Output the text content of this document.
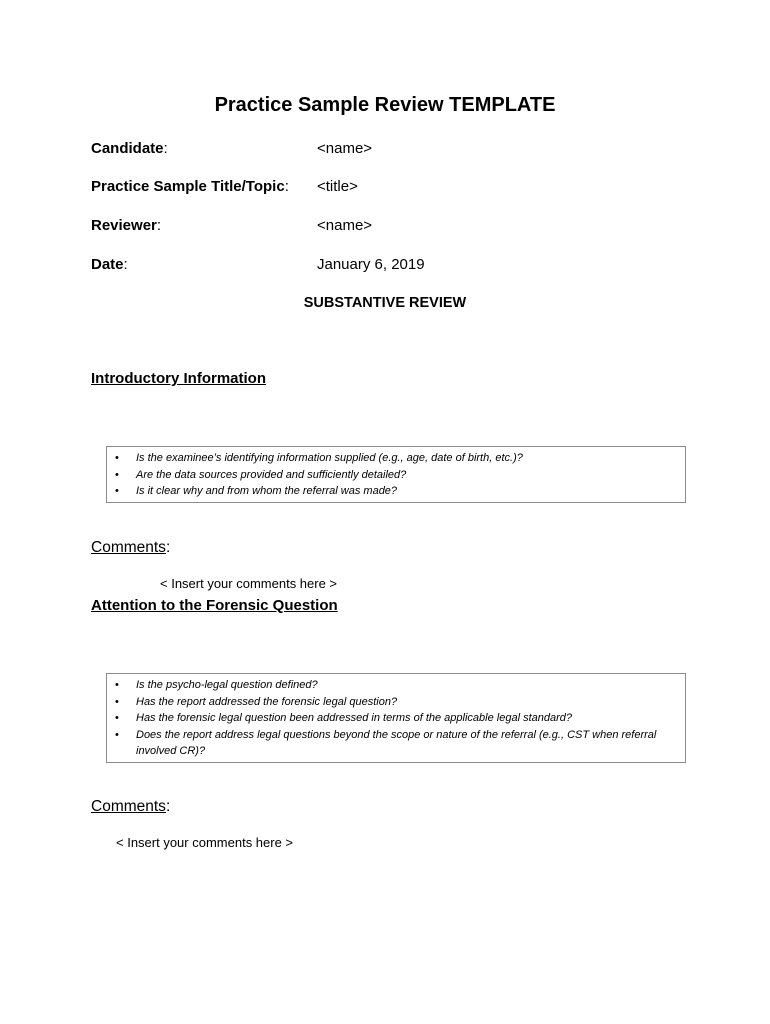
Practice Sample Review TEMPLATE
Candidate:	<name>
Practice Sample Title/Topic: <title>
Reviewer:	<name>
Date:	January 6, 2019
SUBSTANTIVE REVIEW
Introductory Information
• Is the examinee’s identifying information supplied (e.g., age, date of birth, etc.)?
• Are the data sources provided and sufficiently detailed?
• Is it clear why and from whom the referral was made?
Comments:
< Insert your comments here >
Attention to the Forensic Question
• Is the psycho-legal question defined?
• Has the report addressed the forensic legal question?
• Has the forensic legal question been addressed in terms of the applicable legal standard?
• Does the report address legal questions beyond the scope or nature of the referral (e.g., CST when referral involved CR)?
Comments:
< Insert your comments here >
